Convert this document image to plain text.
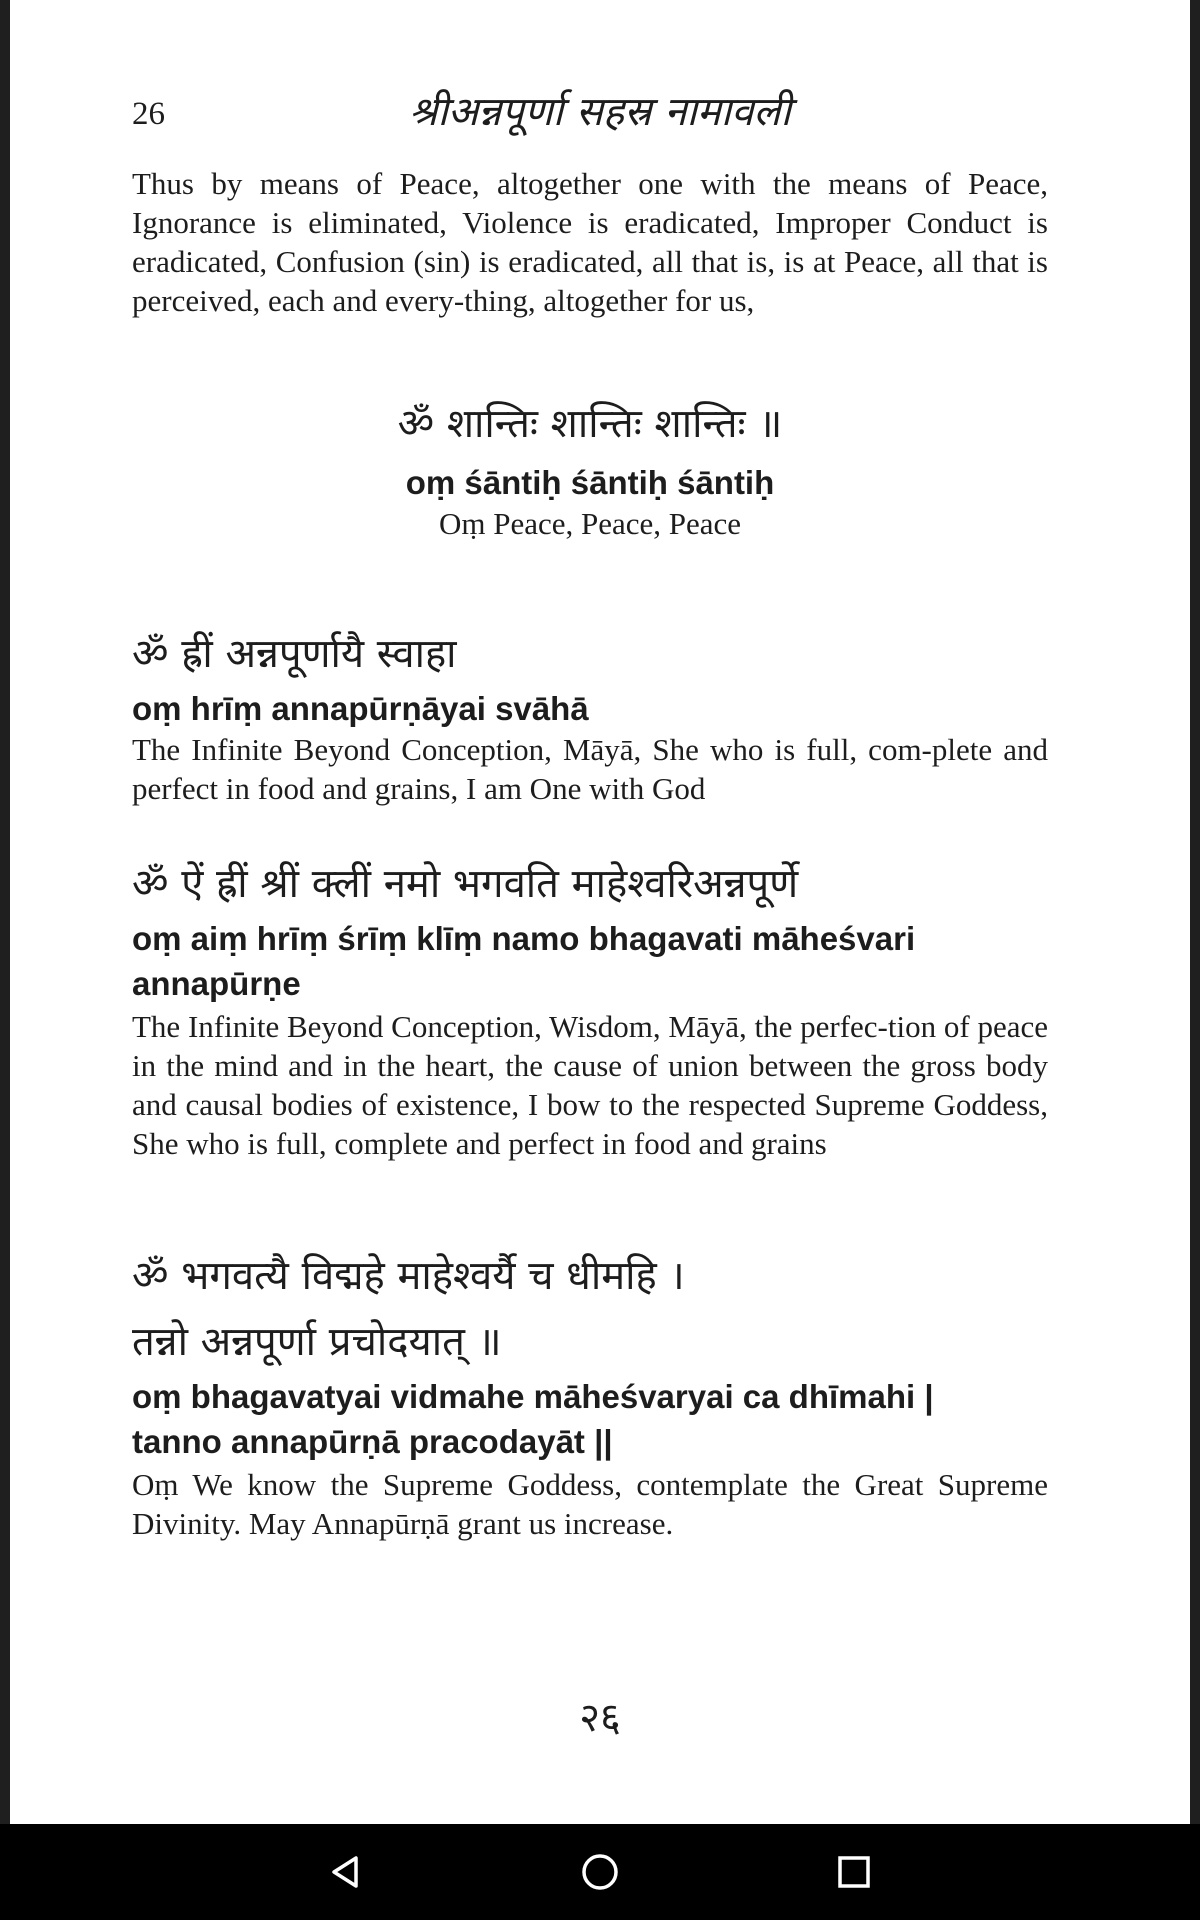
26	श्रीअन्नपूर्णा सहस्र नामावली

Thus by means of Peace, altogether one with the means of Peace, Ignorance is eliminated, Violence is eradicated, Improper Conduct is eradicated, Confusion (sin) is eradicated, all that is, is at Peace, all that is perceived, each and every-thing, altogether for us,

ॐ शान्तिः शान्तिः शान्तिः ॥

oṃ śāntiḥ śāntiḥ śāntiḥ

Oṃ Peace, Peace, Peace

ॐ ह्रीं अन्नपूर्णायै स्वाहा

oṃ hrīṃ annapūrṇāyai svāhā

The Infinite Beyond Conception, Māyā, She who is full, com-plete and perfect in food and grains, I am One with God

ॐ ऐं ह्रीं श्रीं क्लीं नमो भगवति माहेश्वरिअन्नपूर्णे

oṃ aiṃ hrīṃ śrīṃ klīṃ namo bhagavati māheśvari

annapūrṇe

The Infinite Beyond Conception, Wisdom, Māyā, the perfec-tion of peace in the mind and in the heart, the cause of union between the gross body and causal bodies of existence, I bow to the respected Supreme Goddess, She who is full, complete and perfect in food and grains

ॐ भगवत्यै विद्महे माहेश्वर्यै च धीमहि ।

तन्नो अन्नपूर्णा प्रचोदयात् ॥

oṃ bhagavatyai vidmahe māheśvaryai ca dhīmahi |

tanno annapūrṇā pracodayāt ||

Oṃ We know the Supreme Goddess, contemplate the Great Supreme Divinity. May Annapūrṇā grant us increase.

२६
